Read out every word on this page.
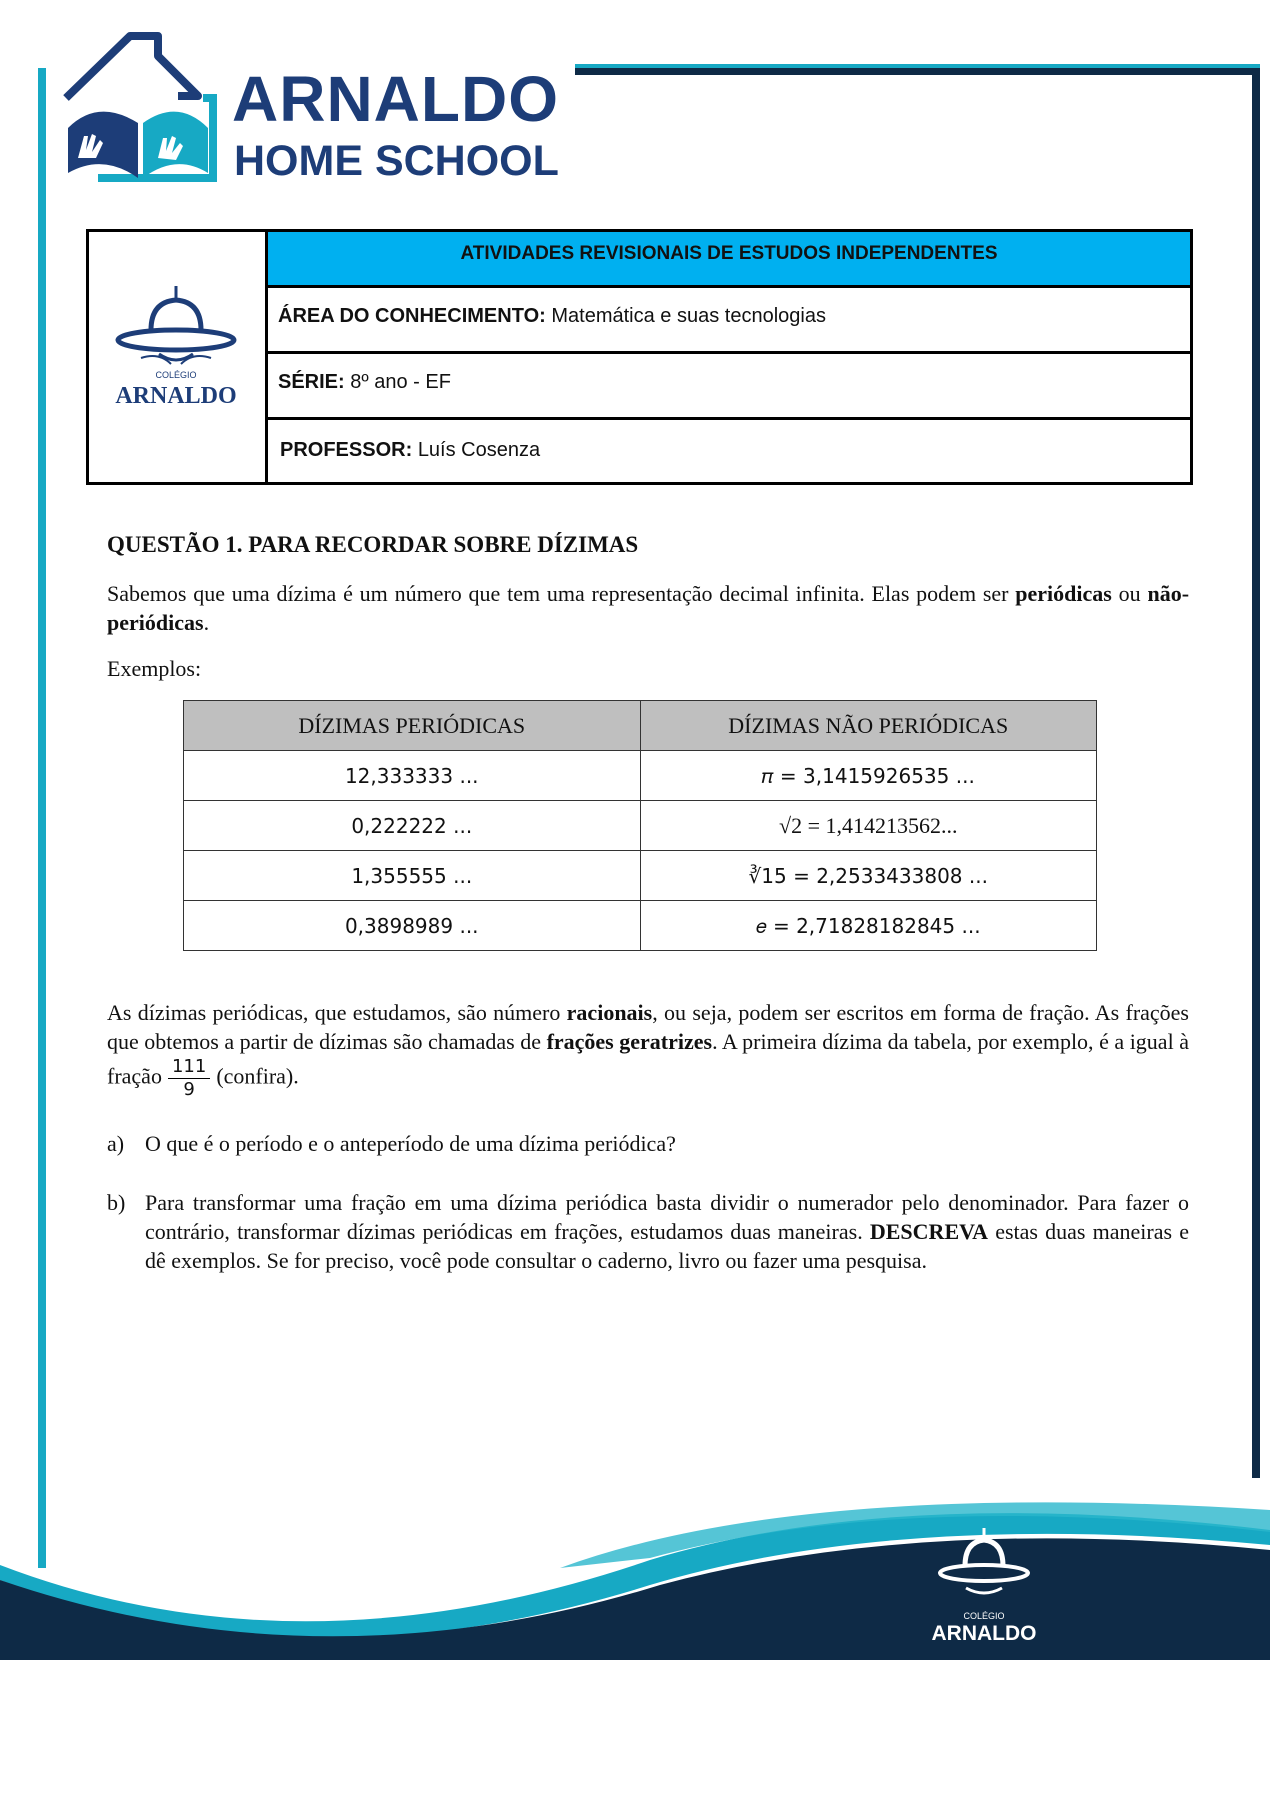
ARNALDO
HOME SCHOOL
COLÉGIO
ARNALDO
ATIVIDADES REVISIONAIS DE ESTUDOS INDEPENDENTES
ÁREA DO CONHECIMENTO: Matemática e suas tecnologias
SÉRIE: 8º ano - EF
PROFESSOR: Luís Cosenza
QUESTÃO 1. PARA RECORDAR SOBRE DÍZIMAS
Sabemos que uma dízima é um número que tem uma representação decimal infinita. Elas podem ser periódicas ou não-periódicas.
Exemplos:
DÍZIMAS PERIÓDICAS	DÍZIMAS NÃO PERIÓDICAS
12,333333 ...	𝜋 = 3,1415926535 ...
0,222222 ...	√2 = 1,414213562...
1,355555 ...	∛15 = 2,2533433808 ...
0,3898989 ...	𝑒 = 2,71828182845 ...
As dízimas periódicas, que estudamos, são número racionais, ou seja, podem ser escritos em forma de fração. As frações que obtemos a partir de dízimas são chamadas de frações geratrizes. A primeira dízima da tabela, por exemplo, é a igual à fração $\frac{111}{9}$ (confira).
a) O que é o período e o anteperíodo de uma dízima periódica?
b) Para transformar uma fração em uma dízima periódica basta dividir o numerador pelo denominador. Para fazer o contrário, transformar dízimas periódicas em frações, estudamos duas maneiras. DESCREVA estas duas maneiras e dê exemplos. Se for preciso, você pode consultar o caderno, livro ou fazer uma pesquisa.
COLÉGIO
ARNALDO
